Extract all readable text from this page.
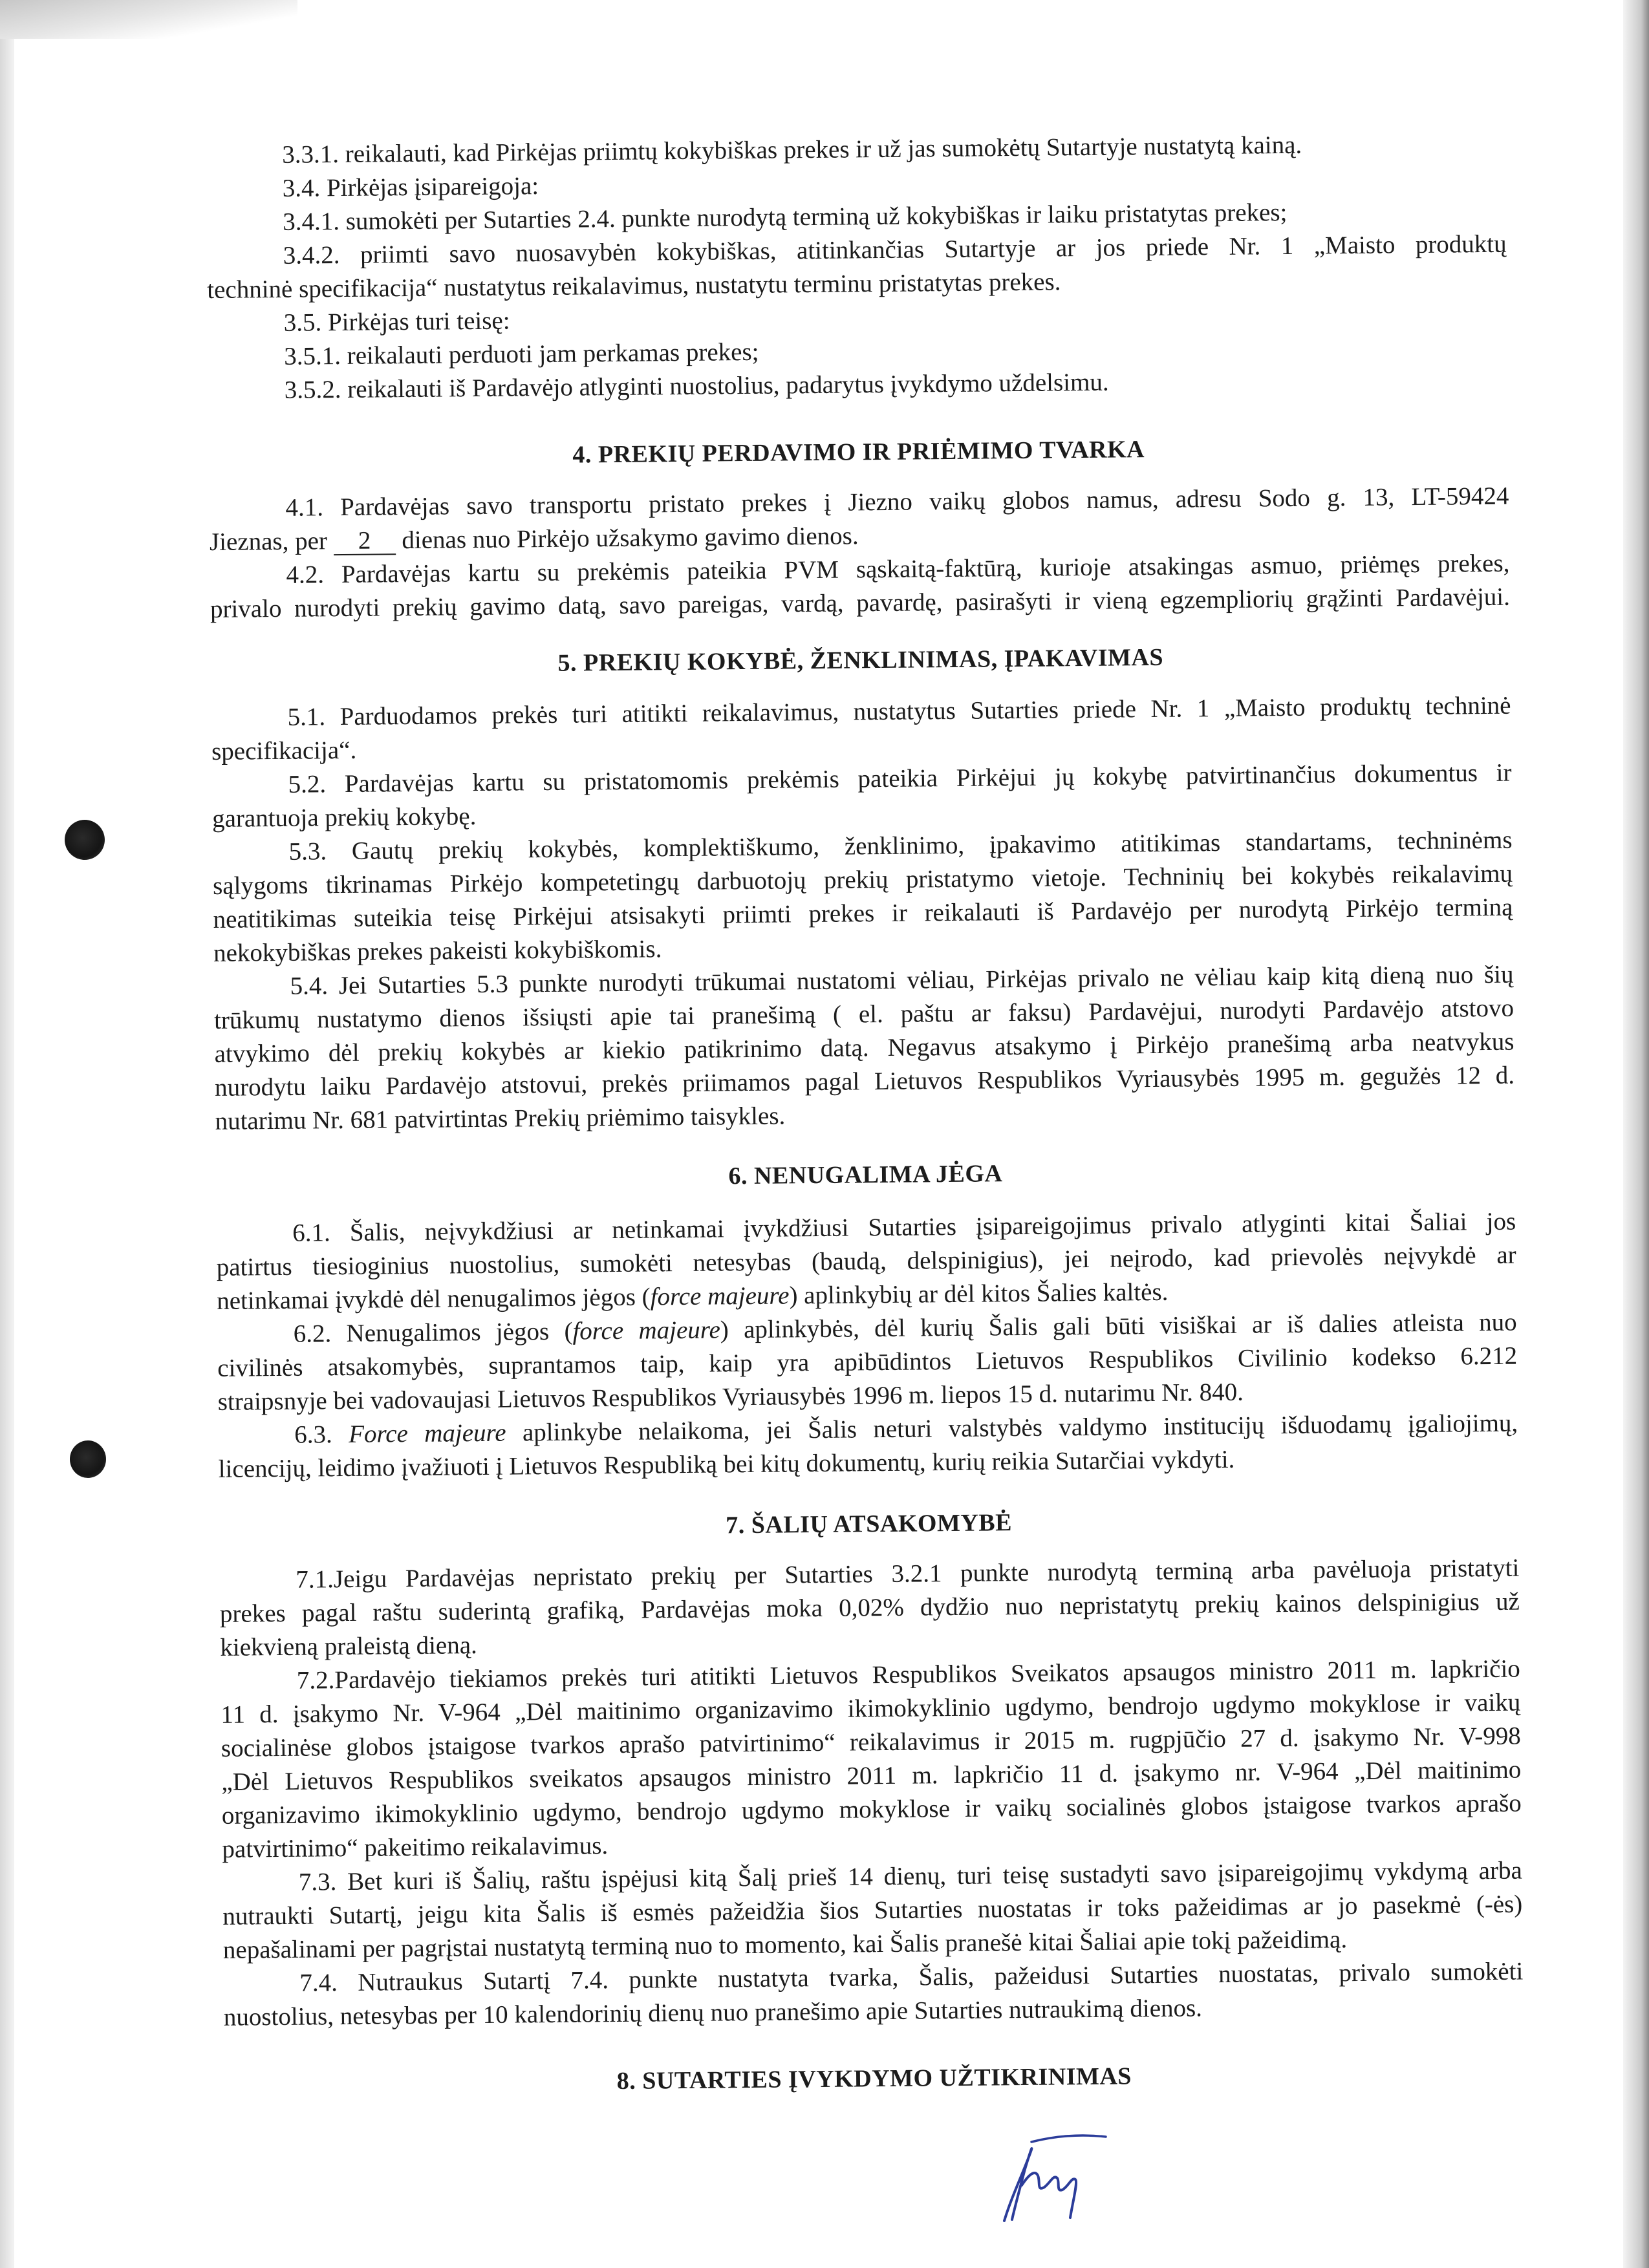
3.3.1. reikalauti, kad Pirkėjas priimtų kokybiškas prekes ir už jas sumokėtų Sutartyje nustatytą kainą.
3.4. Pirkėjas įsipareigoja:
3.4.1. sumokėti per Sutarties 2.4. punkte nurodytą terminą už kokybiškas ir laiku pristatytas prekes;
3.4.2. priimti savo nuosavybėn kokybiškas, atitinkančias Sutartyje ar jos priede Nr. 1 „Maisto produktų
techninė specifikacija“ nustatytus reikalavimus, nustatytu terminu pristatytas prekes.
3.5. Pirkėjas turi teisę:
3.5.1. reikalauti perduoti jam perkamas prekes;
3.5.2. reikalauti iš Pardavėjo atlyginti nuostolius, padarytus įvykdymo uždelsimu.
4. PREKIŲ PERDAVIMO IR PRIĖMIMO TVARKA
4.1. Pardavėjas savo transportu pristato prekes į Jiezno vaikų globos namus, adresu Sodo g. 13, LT-59424
Jieznas, per 2 dienas nuo Pirkėjo užsakymo gavimo dienos.
4.2. Pardavėjas kartu su prekėmis pateikia PVM sąskaitą-faktūrą, kurioje atsakingas asmuo, priėmęs prekes,
privalo nurodyti prekių gavimo datą, savo pareigas, vardą, pavardę, pasirašyti ir vieną egzempliorių grąžinti Pardavėjui.
5. PREKIŲ KOKYBĖ, ŽENKLINIMAS, ĮPAKAVIMAS
5.1. Parduodamos prekės turi atitikti reikalavimus, nustatytus Sutarties priede Nr. 1 „Maisto produktų techninė
specifikacija“.
5.2. Pardavėjas kartu su pristatomomis prekėmis pateikia Pirkėjui jų kokybę patvirtinančius dokumentus ir
garantuoja prekių kokybę.
5.3. Gautų prekių kokybės, komplektiškumo, ženklinimo, įpakavimo atitikimas standartams, techninėms
sąlygoms tikrinamas Pirkėjo kompetetingų darbuotojų prekių pristatymo vietoje. Techninių bei kokybės reikalavimų
neatitikimas suteikia teisę Pirkėjui atsisakyti priimti prekes ir reikalauti iš Pardavėjo per nurodytą Pirkėjo terminą
nekokybiškas prekes pakeisti kokybiškomis.
5.4. Jei Sutarties 5.3 punkte nurodyti trūkumai nustatomi vėliau, Pirkėjas privalo ne vėliau kaip kitą dieną nuo šių
trūkumų nustatymo dienos išsiųsti apie tai pranešimą ( el. paštu ar faksu) Pardavėjui, nurodyti Pardavėjo atstovo
atvykimo dėl prekių kokybės ar kiekio patikrinimo datą. Negavus atsakymo į Pirkėjo pranešimą arba neatvykus
nurodytu laiku Pardavėjo atstovui, prekės priimamos pagal Lietuvos Respublikos Vyriausybės 1995 m. gegužės 12 d.
nutarimu Nr. 681 patvirtintas Prekių priėmimo taisykles.
6. NENUGALIMA JĖGA
6.1. Šalis, neįvykdžiusi ar netinkamai įvykdžiusi Sutarties įsipareigojimus privalo atlyginti kitai Šaliai jos
patirtus tiesioginius nuostolius, sumokėti netesybas (baudą, delspinigius), jei neįrodo, kad prievolės neįvykdė ar
netinkamai įvykdė dėl nenugalimos jėgos (force majeure) aplinkybių ar dėl kitos Šalies kaltės.
6.2. Nenugalimos jėgos (force majeure) aplinkybės, dėl kurių Šalis gali būti visiškai ar iš dalies atleista nuo
civilinės atsakomybės, suprantamos taip, kaip yra apibūdintos Lietuvos Respublikos Civilinio kodekso 6.212
straipsnyje bei vadovaujasi Lietuvos Respublikos Vyriausybės 1996 m. liepos 15 d. nutarimu Nr. 840.
6.3. Force majeure aplinkybe nelaikoma, jei Šalis neturi valstybės valdymo institucijų išduodamų įgaliojimų,
licencijų, leidimo įvažiuoti į Lietuvos Respubliką bei kitų dokumentų, kurių reikia Sutarčiai vykdyti.
7. ŠALIŲ ATSAKOMYBĖ
7.1.Jeigu Pardavėjas nepristato prekių per Sutarties 3.2.1 punkte nurodytą terminą arba pavėluoja pristatyti
prekes pagal raštu suderintą grafiką, Pardavėjas moka 0,02% dydžio nuo nepristatytų prekių kainos delspinigius už
kiekvieną praleistą dieną.
7.2.Pardavėjo tiekiamos prekės turi atitikti Lietuvos Respublikos Sveikatos apsaugos ministro 2011 m. lapkričio
11 d. įsakymo Nr. V-964 „Dėl maitinimo organizavimo ikimokyklinio ugdymo, bendrojo ugdymo mokyklose ir vaikų
socialinėse globos įstaigose tvarkos aprašo patvirtinimo“ reikalavimus ir 2015 m. rugpjūčio 27 d. įsakymo Nr. V-998
„Dėl Lietuvos Respublikos sveikatos apsaugos ministro 2011 m. lapkričio 11 d. įsakymo nr. V-964 „Dėl maitinimo
organizavimo ikimokyklinio ugdymo, bendrojo ugdymo mokyklose ir vaikų socialinės globos įstaigose tvarkos aprašo
patvirtinimo“ pakeitimo reikalavimus.
7.3. Bet kuri iš Šalių, raštu įspėjusi kitą Šalį prieš 14 dienų, turi teisę sustadyti savo įsipareigojimų vykdymą arba
nutraukti Sutartį, jeigu kita Šalis iš esmės pažeidžia šios Sutarties nuostatas ir toks pažeidimas ar jo pasekmė (-ės)
nepašalinami per pagrįstai nustatytą terminą nuo to momento, kai Šalis pranešė kitai Šaliai apie tokį pažeidimą.
7.4. Nutraukus Sutartį 7.4. punkte nustatyta tvarka, Šalis, pažeidusi Sutarties nuostatas, privalo sumokėti
nuostolius, netesybas per 10 kalendorinių dienų nuo pranešimo apie Sutarties nutraukimą dienos.
8. SUTARTIES ĮVYKDYMO UŽTIKRINIMAS
